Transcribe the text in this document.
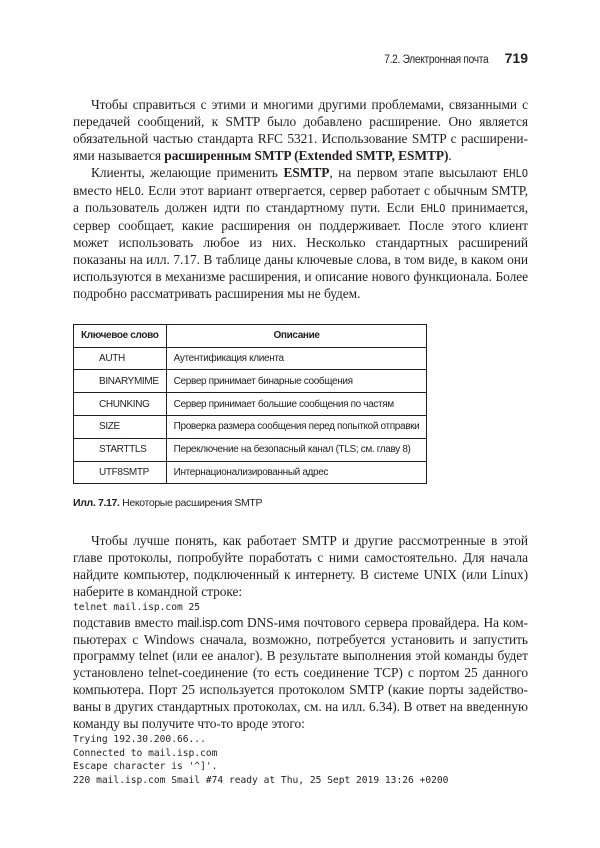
7.2. Электронная почта 719

Чтобы справиться с этими и многими другими проблемами, связанными с передачей сообщений, к SMTP было добавлено расширение. Оно является обязательной частью стандарта RFC 5321. Использование SMTP с расширениями называется расширенным SMTP (Extended SMTP, ESMTP).

Клиенты, желающие применить ESMTP, на первом этапе высылают EHLO вместо HELO. Если этот вариант отвергается, сервер работает с обычным SMTP, а пользователь должен идти по стандартному пути. Если EHLO принимается, сервер сообщает, какие расширения он поддерживает. После этого клиент может использовать любое из них. Несколько стандартных расширений показаны на илл. 7.17. В таблице даны ключевые слова, в том виде, в каком они используются в механизме расширения, и описание нового функционала. Более подробно рассматривать расширения мы не будем.

Ключевое слово	Описание
AUTH	Аутентификация клиента
BINARYMIME	Сервер принимает бинарные сообщения
CHUNKING	Сервер принимает большие сообщения по частям
SIZE	Проверка размера сообщения перед попыткой отправки
STARTTLS	Переключение на безопасный канал (TLS; см. главу 8)
UTF8SMTP	Интернационализированный адрес
Илл. 7.17. Некоторые расширения SMTP

Чтобы лучше понять, как работает SMTP и другие рассмотренные в этой главе протоколы, попробуйте поработать с ними самостоятельно. Для начала найдите компьютер, подключенный к интернету. В системе UNIX (или Linux) наберите в командной строке:

telnet mail.isp.com 25

подставив вместо mail.isp.com DNS-имя почтового сервера провайдера. На компьютерах с Windows сначала, возможно, потребуется установить и запустить программу telnet (или ее аналог). В результате выполнения этой команды будет установлено telnet-соединение (то есть соединение TCP) с портом 25 данного компьютера. Порт 25 используется протоколом SMTP (какие порты задействованы в других стандартных протоколах, см. на илл. 6.34). В ответ на введенную команду вы получите что-то вроде этого:

Trying 192.30.200.66...
Connected to mail.isp.com
Escape character is '^]'.
220 mail.isp.com Smail #74 ready at Thu, 25 Sept 2019 13:26 +0200
